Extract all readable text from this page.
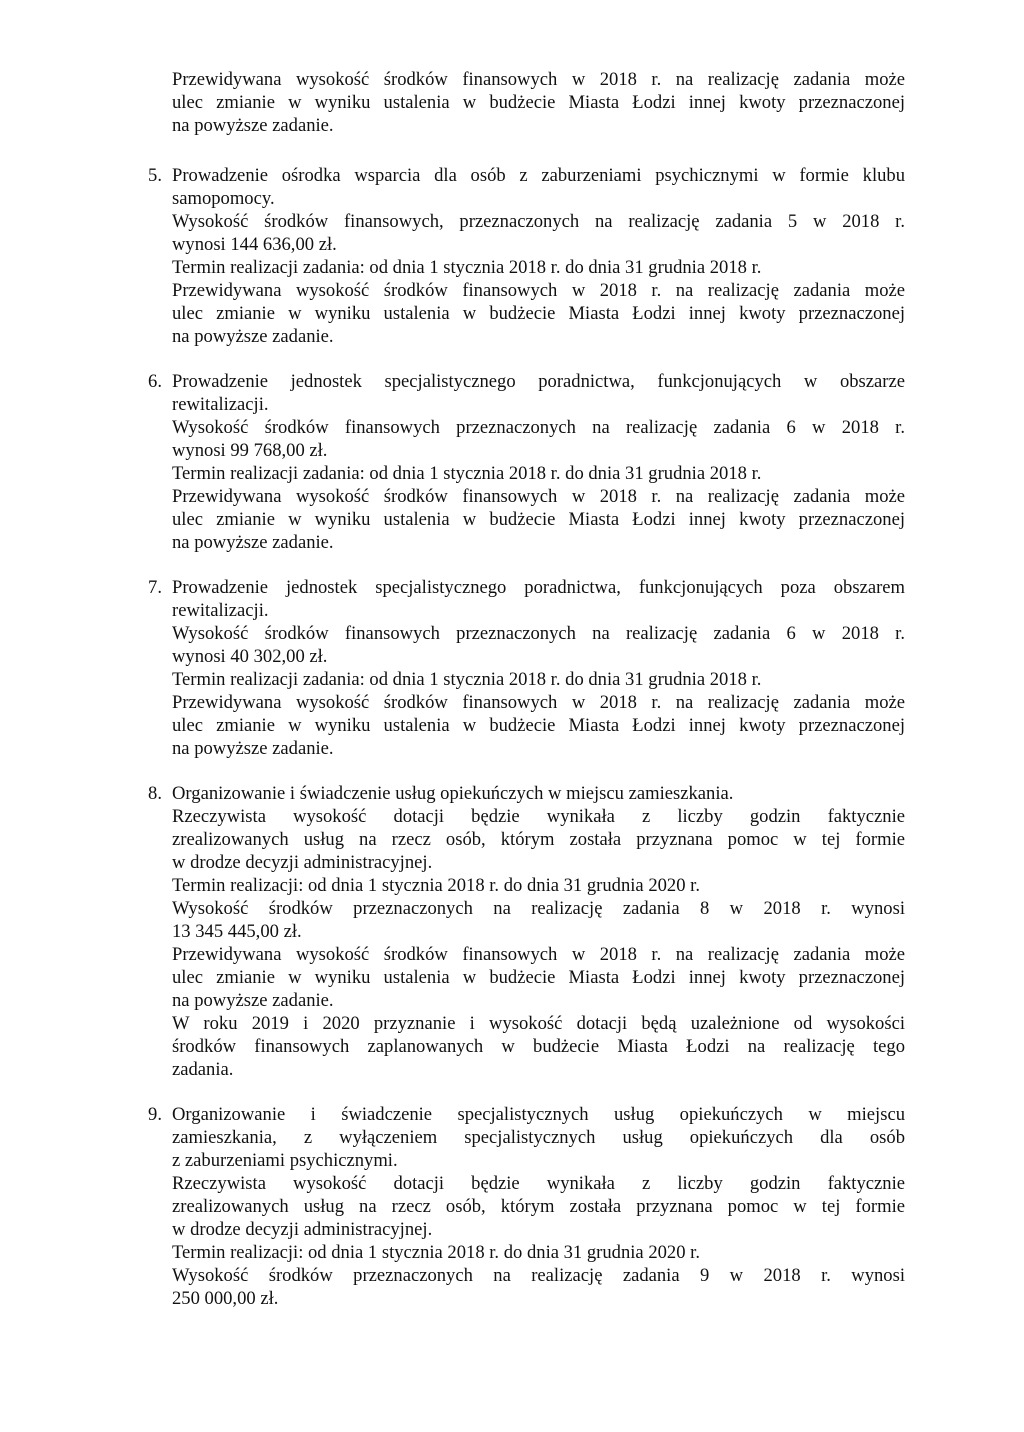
Przewidywana wysokość środków finansowych w 2018 r. na realizację zadania może
ulec zmianie w wyniku ustalenia w budżecie Miasta Łodzi innej kwoty przeznaczonej
na powyższe zadanie.
5. Prowadzenie ośrodka wsparcia dla osób z zaburzeniami psychicznymi w formie klubu
samopomocy.
Wysokość środków finansowych, przeznaczonych na realizację zadania 5 w 2018 r.
wynosi 144 636,00 zł.
Termin realizacji zadania: od dnia 1 stycznia 2018 r. do dnia 31 grudnia 2018 r.
Przewidywana wysokość środków finansowych w 2018 r. na realizację zadania może
ulec zmianie w wyniku ustalenia w budżecie Miasta Łodzi innej kwoty przeznaczonej
na powyższe zadanie.
6. Prowadzenie jednostek specjalistycznego poradnictwa, funkcjonujących w obszarze
rewitalizacji.
Wysokość środków finansowych przeznaczonych na realizację zadania 6 w 2018 r.
wynosi 99 768,00 zł.
Termin realizacji zadania: od dnia 1 stycznia 2018 r. do dnia 31 grudnia 2018 r.
Przewidywana wysokość środków finansowych w 2018 r. na realizację zadania może
ulec zmianie w wyniku ustalenia w budżecie Miasta Łodzi innej kwoty przeznaczonej
na powyższe zadanie.
7. Prowadzenie jednostek specjalistycznego poradnictwa, funkcjonujących poza obszarem
rewitalizacji.
Wysokość środków finansowych przeznaczonych na realizację zadania 6 w 2018 r.
wynosi 40 302,00 zł.
Termin realizacji zadania: od dnia 1 stycznia 2018 r. do dnia 31 grudnia 2018 r.
Przewidywana wysokość środków finansowych w 2018 r. na realizację zadania może
ulec zmianie w wyniku ustalenia w budżecie Miasta Łodzi innej kwoty przeznaczonej
na powyższe zadanie.
8. Organizowanie i świadczenie usług opiekuńczych w miejscu zamieszkania.
Rzeczywista wysokość dotacji będzie wynikała z liczby godzin faktycznie
zrealizowanych usług na rzecz osób, którym została przyznana pomoc w tej formie
w drodze decyzji administracyjnej.
Termin realizacji: od dnia 1 stycznia 2018 r. do dnia 31 grudnia 2020 r.
Wysokość środków przeznaczonych na realizację zadania 8 w 2018 r. wynosi
13 345 445,00 zł.
Przewidywana wysokość środków finansowych w 2018 r. na realizację zadania może
ulec zmianie w wyniku ustalenia w budżecie Miasta Łodzi innej kwoty przeznaczonej
na powyższe zadanie.
W roku 2019 i 2020 przyznanie i wysokość dotacji będą uzależnione od wysokości
środków finansowych zaplanowanych w budżecie Miasta Łodzi na realizację tego
zadania.
9. Organizowanie i świadczenie specjalistycznych usług opiekuńczych w miejscu
zamieszkania, z wyłączeniem specjalistycznych usług opiekuńczych dla osób
z zaburzeniami psychicznymi.
Rzeczywista wysokość dotacji będzie wynikała z liczby godzin faktycznie
zrealizowanych usług na rzecz osób, którym została przyznana pomoc w tej formie
w drodze decyzji administracyjnej.
Termin realizacji: od dnia 1 stycznia 2018 r. do dnia 31 grudnia 2020 r.
Wysokość środków przeznaczonych na realizację zadania 9 w 2018 r. wynosi
250 000,00 zł.
